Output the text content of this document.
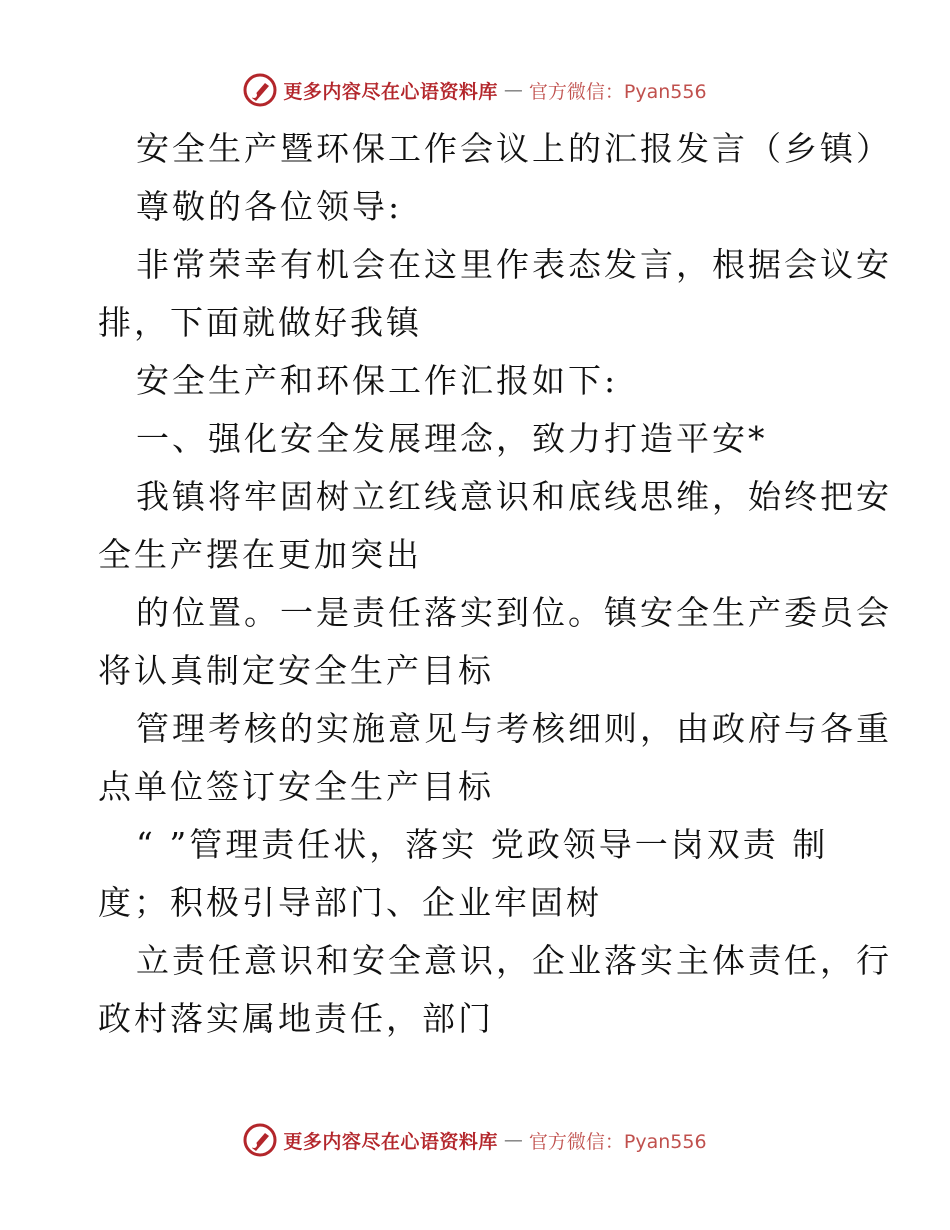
更多内容尽在心语资料库 — 官方微信：Pyan556
安全生产暨环保工作会议上的汇报发言（乡镇）
尊敬的各位领导:
非常荣幸有机会在这里作表态发言，根据会议安
排，下面就做好我镇
安全生产和环保工作汇报如下:
一、强化安全发展理念，致力打造平安*
我镇将牢固树立红线意识和底线思维，始终把安
全生产摆在更加突出
的位置。一是责任落实到位。镇安全生产委员会
将认真制定安全生产目标
管理考核的实施意见与考核细则，由政府与各重
点单位签订安全生产目标
“ ”管理责任状，落实 党政领导一岗双责 制
度；积极引导部门、企业牢固树
立责任意识和安全意识，企业落实主体责任，行
政村落实属地责任，部门
更多内容尽在心语资料库 — 官方微信：Pyan556
